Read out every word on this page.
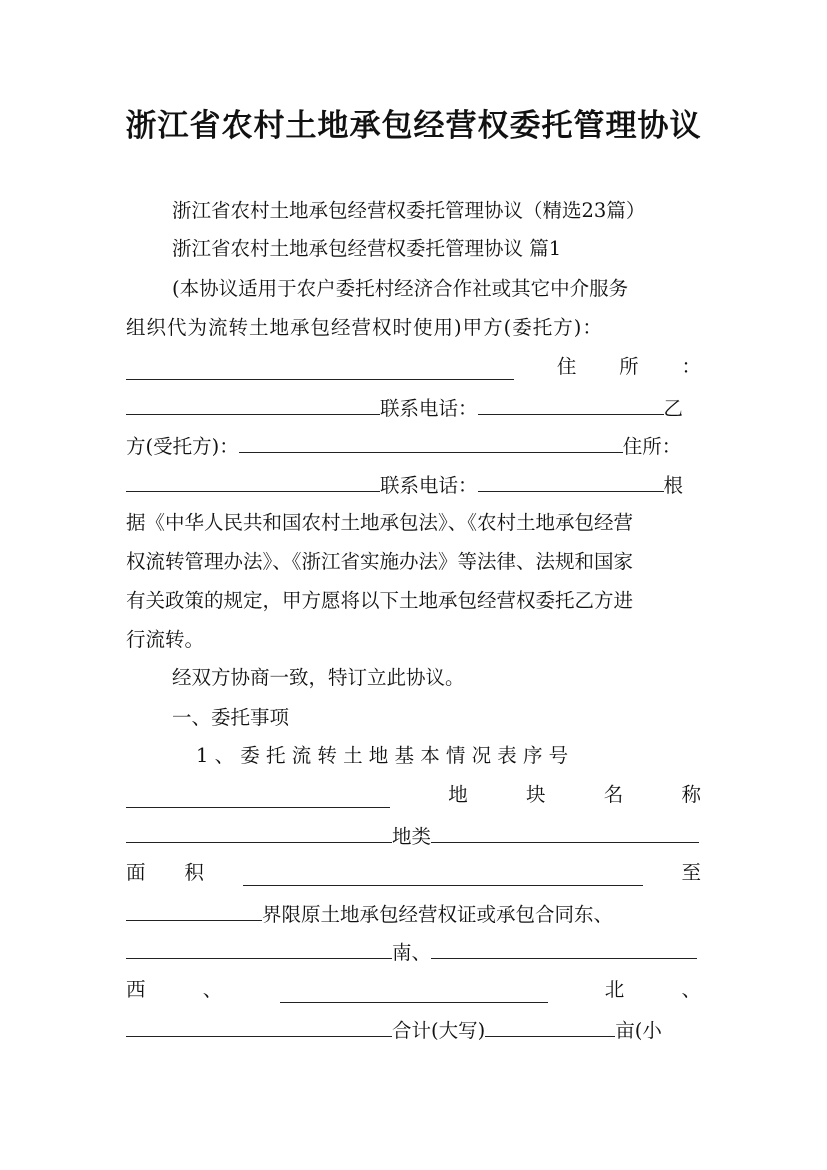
浙江省农村土地承包经营权委托管理协议
浙江省农村土地承包经营权委托管理协议（精选23篇）
浙江省农村土地承包经营权委托管理协议 篇1
(本协议适用于农户委托村经济合作社或其它中介服务
组织代为流转土地承包经营权时使用)甲方(委托方)：
住 所 ：
联系电话：	乙
方(受托方)：	住所：
联系电话：	根
据《中华人民共和国农村土地承包法》、《农村土地承包经营
权流转管理办法》、《浙江省实施办法》等法律、法规和国家
有关政策的规定，甲方愿将以下土地承包经营权委托乙方进
行流转。
经双方协商一致，特订立此协议。
一、委托事项
1 、 委 托 流 转 土 地 基 本 情 况 表 序 号
地	块	名	称
地类
面 积	至
界限原土地承包经营权证或承包合同东、
南、
西	、	北	、
合计(大写)	亩(小
